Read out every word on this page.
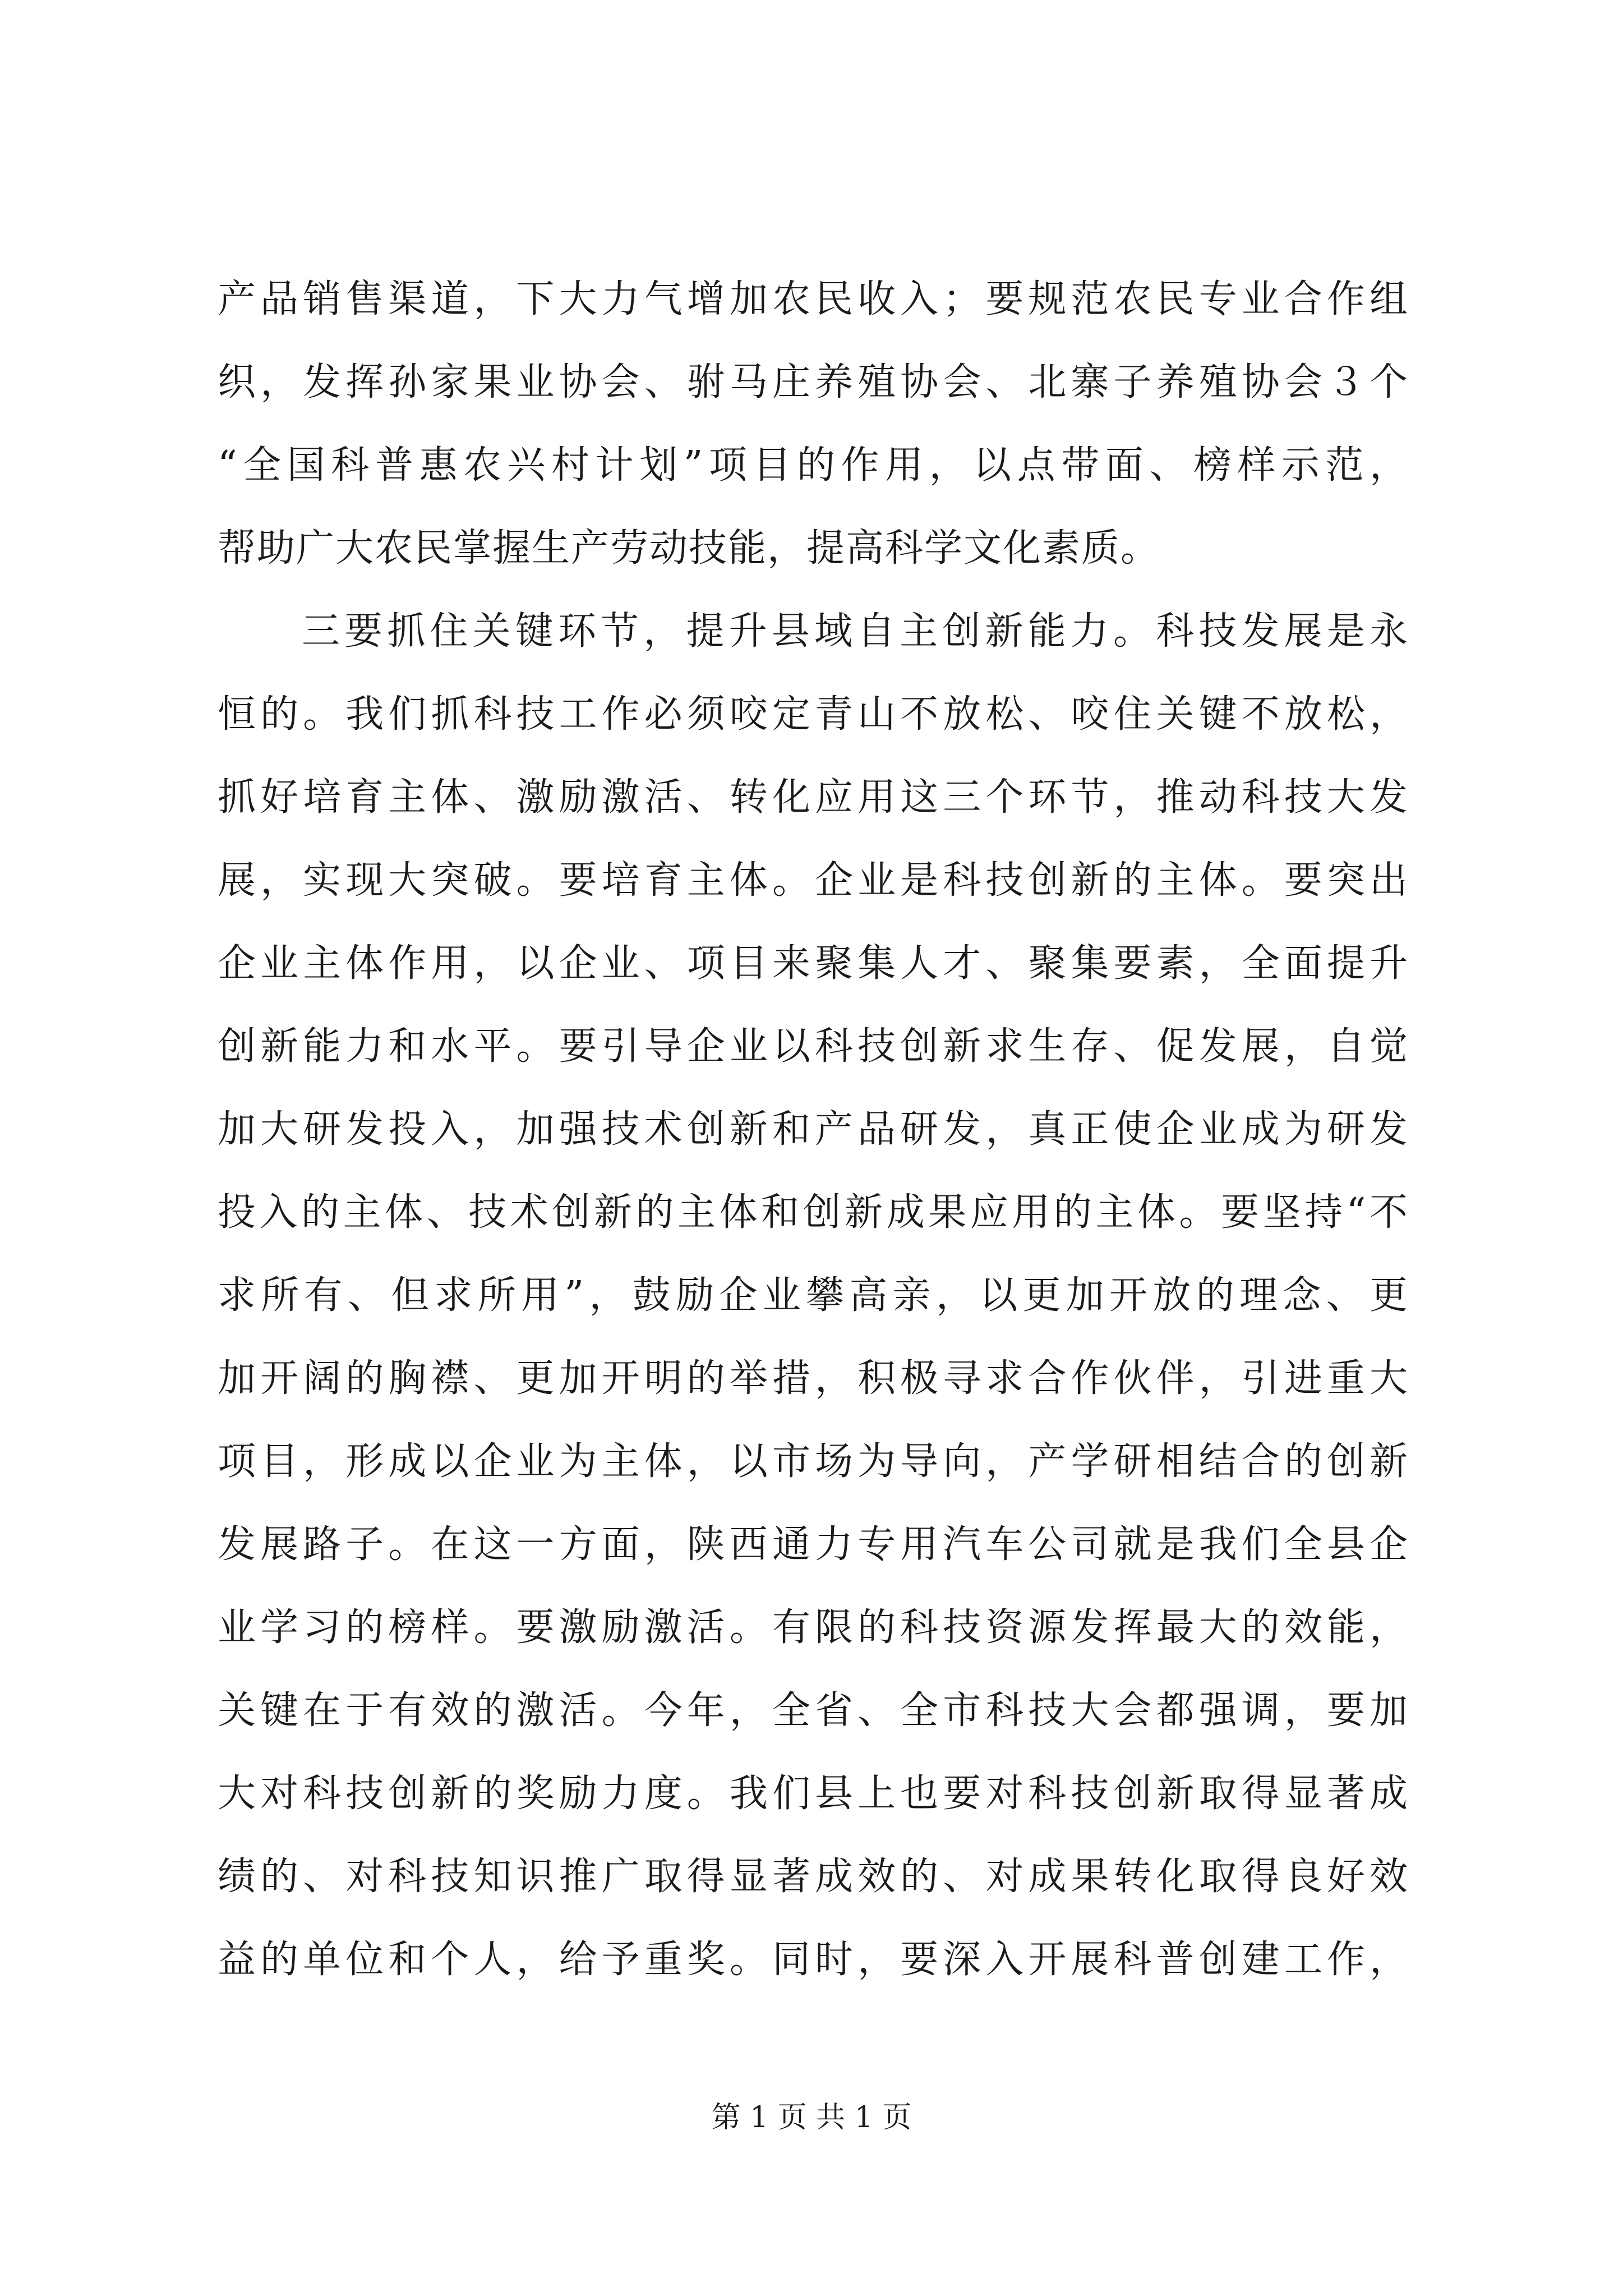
产品销售渠道，下大力气增加农民收入；要规范农民专业合作组
织，发挥孙家果业协会、驸马庄养殖协会、北寨子养殖协会３个
“全国科普惠农兴村计划”项目的作用，以点带面、榜样示范，
帮助广大农民掌握生产劳动技能，提高科学文化素质。
三要抓住关键环节，提升县域自主创新能力。科技发展是永
恒的。我们抓科技工作必须咬定青山不放松、咬住关键不放松，
抓好培育主体、激励激活、转化应用这三个环节，推动科技大发
展，实现大突破。要培育主体。企业是科技创新的主体。要突出
企业主体作用，以企业、项目来聚集人才、聚集要素，全面提升
创新能力和水平。要引导企业以科技创新求生存、促发展，自觉
加大研发投入，加强技术创新和产品研发，真正使企业成为研发
投入的主体、技术创新的主体和创新成果应用的主体。要坚持“不
求所有、但求所用”，鼓励企业攀高亲，以更加开放的理念、更
加开阔的胸襟、更加开明的举措，积极寻求合作伙伴，引进重大
项目，形成以企业为主体，以市场为导向，产学研相结合的创新
发展路子。在这一方面，陕西通力专用汽车公司就是我们全县企
业学习的榜样。要激励激活。有限的科技资源发挥最大的效能，
关键在于有效的激活。今年，全省、全市科技大会都强调，要加
大对科技创新的奖励力度。我们县上也要对科技创新取得显著成
绩的、对科技知识推广取得显著成效的、对成果转化取得良好效
益的单位和个人，给予重奖。同时，要深入开展科普创建工作，
第 1 页 共 1 页
